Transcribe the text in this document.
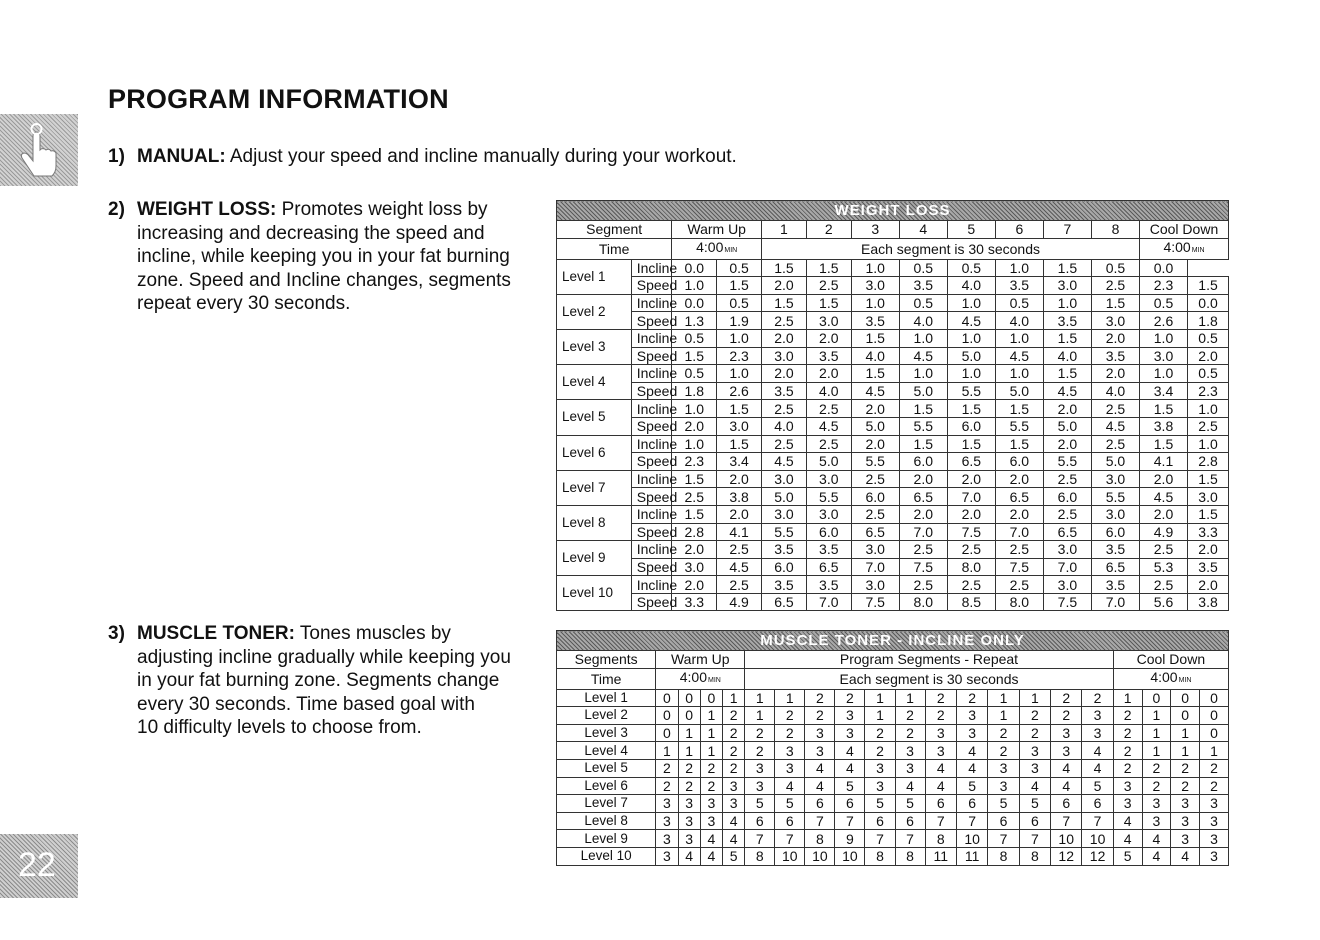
PROGRAM INFORMATION
22
1) MANUAL: Adjust your speed and incline manually during your workout.
2) WEIGHT LOSS: Promotes weight loss by
increasing and decreasing the speed and
incline, while keeping you in your fat burning
zone. Speed and Incline changes, segments
repeat every 30 seconds.
3) MUSCLE TONER: Tones muscles by
adjusting incline gradually while keeping you
in your fat burning zone. Segments change
every 30 seconds. Time based goal with
10 difficulty levels to choose from.
WEIGHT LOSS													
Segment		Warm Up		1	2	3	4	5	6	7	8	Cool Down	
Time		4:00MIN		Each segment is 30 seconds								4:00MIN	
Level 1	Incline	0.0	0.5	1.5	1.5	1.0	0.5	0.5	1.0	1.5	0.5	0.0	
	Speed	1.0	1.5	2.0	2.5	3.0	3.5	4.0	3.5	3.0	2.5	2.3	1.5
Level 2	Incline	0.0	0.5	1.5	1.5	1.0	0.5	1.0	0.5	1.0	1.5	0.5	0.0
	Speed	1.3	1.9	2.5	3.0	3.5	4.0	4.5	4.0	3.5	3.0	2.6	1.8
Level 3	Incline	0.5	1.0	2.0	2.0	1.5	1.0	1.0	1.0	1.5	2.0	1.0	0.5
	Speed	1.5	2.3	3.0	3.5	4.0	4.5	5.0	4.5	4.0	3.5	3.0	2.0
Level 4	Incline	0.5	1.0	2.0	2.0	1.5	1.0	1.0	1.0	1.5	2.0	1.0	0.5
	Speed	1.8	2.6	3.5	4.0	4.5	5.0	5.5	5.0	4.5	4.0	3.4	2.3
Level 5	Incline	1.0	1.5	2.5	2.5	2.0	1.5	1.5	1.5	2.0	2.5	1.5	1.0
	Speed	2.0	3.0	4.0	4.5	5.0	5.5	6.0	5.5	5.0	4.5	3.8	2.5
Level 6	Incline	1.0	1.5	2.5	2.5	2.0	1.5	1.5	1.5	2.0	2.5	1.5	1.0
	Speed	2.3	3.4	4.5	5.0	5.5	6.0	6.5	6.0	5.5	5.0	4.1	2.8
Level 7	Incline	1.5	2.0	3.0	3.0	2.5	2.0	2.0	2.0	2.5	3.0	2.0	1.5
	Speed	2.5	3.8	5.0	5.5	6.0	6.5	7.0	6.5	6.0	5.5	4.5	3.0
Level 8	Incline	1.5	2.0	3.0	3.0	2.5	2.0	2.0	2.0	2.5	3.0	2.0	1.5
	Speed	2.8	4.1	5.5	6.0	6.5	7.0	7.5	7.0	6.5	6.0	4.9	3.3
Level 9	Incline	2.0	2.5	3.5	3.5	3.0	2.5	2.5	2.5	3.0	3.5	2.5	2.0
	Speed	3.0	4.5	6.0	6.5	7.0	7.5	8.0	7.5	7.0	6.5	5.3	3.5
Level 10	Incline	2.0	2.5	3.5	3.5	3.0	2.5	2.5	2.5	3.0	3.5	2.5	2.0
	Speed	3.3	4.9	6.5	7.0	7.5	8.0	8.5	8.0	7.5	7.0	5.6	3.8
MUSCLE TONER - INCLINE ONLY																				
Segments	Warm Up				Program Segments - Repeat												Cool Down			
Time	4:00MIN				Each segment is 30 seconds												4:00MIN			
Level 1	0	0	0	1	1	1	2	2	1	1	2	2	1	1	2	2	1	0	0	0
Level 2	0	0	1	2	1	2	2	3	1	2	2	3	1	2	2	3	2	1	0	0
Level 3	0	1	1	2	2	2	3	3	2	2	3	3	2	2	3	3	2	1	1	0
Level 4	1	1	1	2	2	3	3	4	2	3	3	4	2	3	3	4	2	1	1	1
Level 5	2	2	2	2	3	3	4	4	3	3	4	4	3	3	4	4	2	2	2	2
Level 6	2	2	2	3	3	4	4	5	3	4	4	5	3	4	4	5	3	2	2	2
Level 7	3	3	3	3	5	5	6	6	5	5	6	6	5	5	6	6	3	3	3	3
Level 8	3	3	3	4	6	6	7	7	6	6	7	7	6	6	7	7	4	3	3	3
Level 9	3	3	4	4	7	7	8	9	7	7	8	10	7	7	10	10	4	4	3	3
Level 10	3	4	4	5	8	10	10	10	8	8	11	11	8	8	12	12	5	4	4	3
